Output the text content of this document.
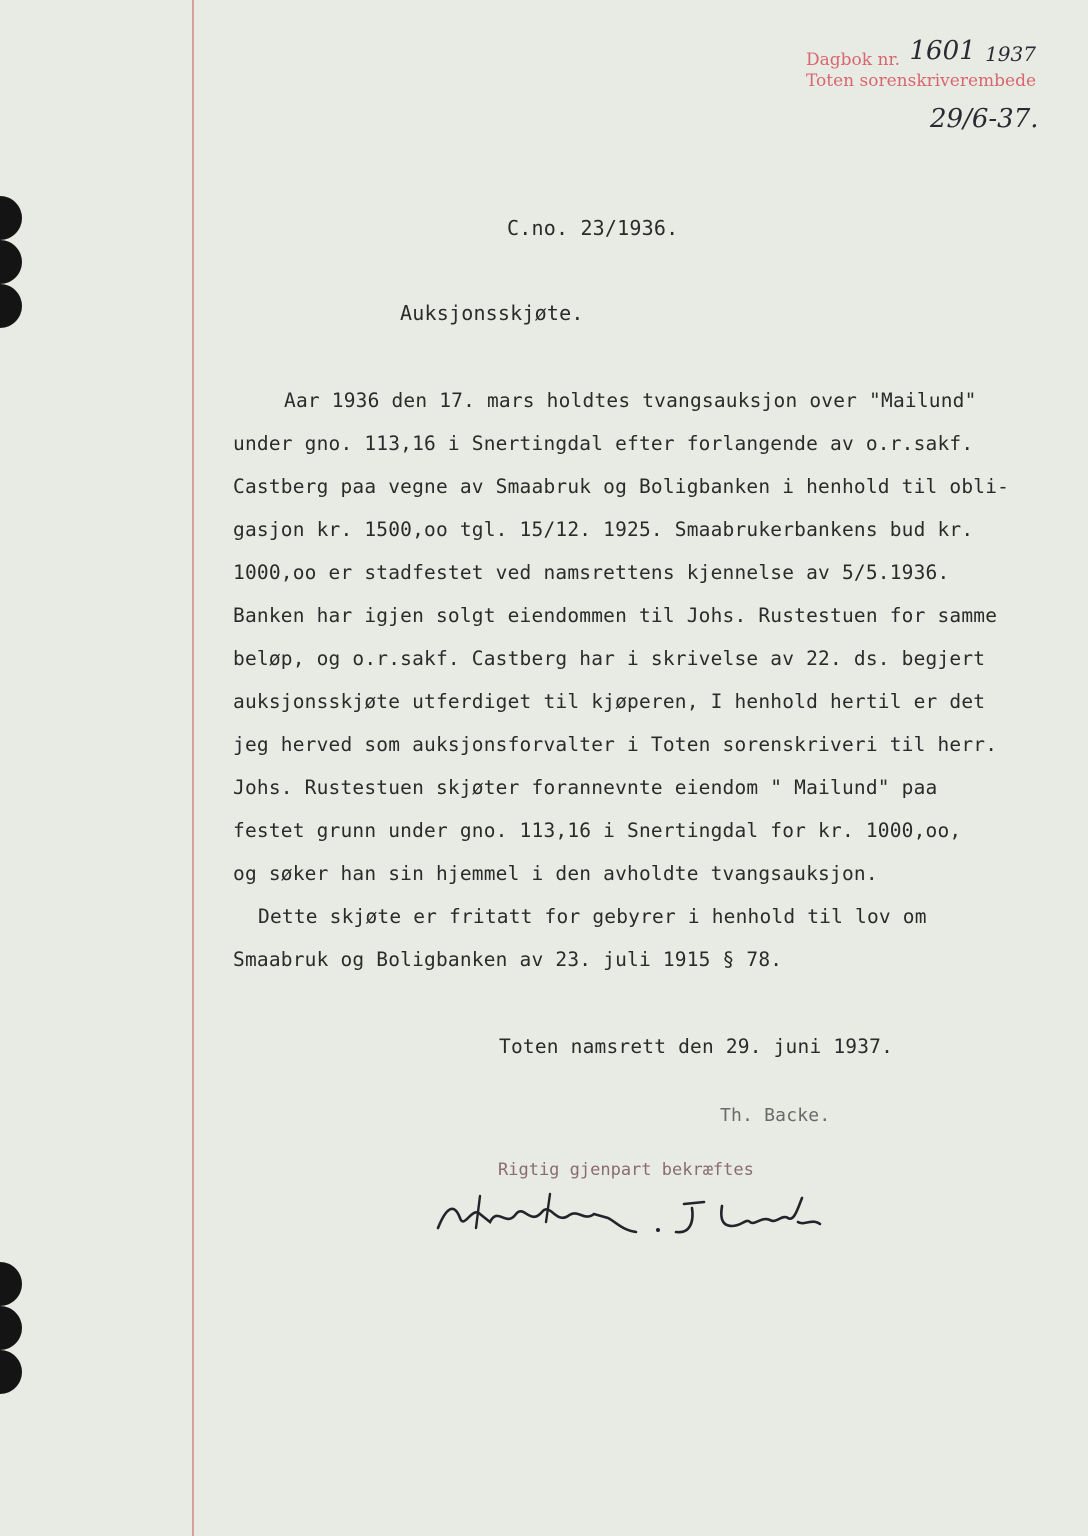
Dagbok nr. 1601 1937
Toten sorenskriverembede
29/6-37.
C.no. 23/1936.
Auksjonsskjøte.
Aar 1936 den 17. mars holdtes tvangsauksjon over "Mailund"
under gno. 113,16 i Snertingdal efter forlangende av o.r.sakf.
Castberg paa vegne av Smaabruk og Boligbanken i henhold til obli-
gasjon kr. 1500,oo tgl. 15/12. 1925. Smaabrukerbankens bud kr.
1000,oo er stadfestet ved namsrettens kjennelse av 5/5.1936.
Banken har igjen solgt eiendommen til Johs. Rustestuen for samme
beløp, og o.r.sakf. Castberg har i skrivelse av 22. ds. begjert
auksjonsskjøte utferdiget til kjøperen, I henhold hertil er det
jeg herved som auksjonsforvalter i Toten sorenskriveri til herr.
Johs. Rustestuen skjøter forannevnte eiendom " Mailund" paa
festet grunn under gno. 113,16 i Snertingdal for kr. 1000,oo,
og søker han sin hjemmel i den avholdte tvangsauksjon.
Dette skjøte er fritatt for gebyrer i henhold til lov om
Smaabruk og Boligbanken av 23. juli 1915 § 78.
Toten namsrett den 29. juni 1937.
Th. Backe.
Rigtig gjenpart bekræftes
